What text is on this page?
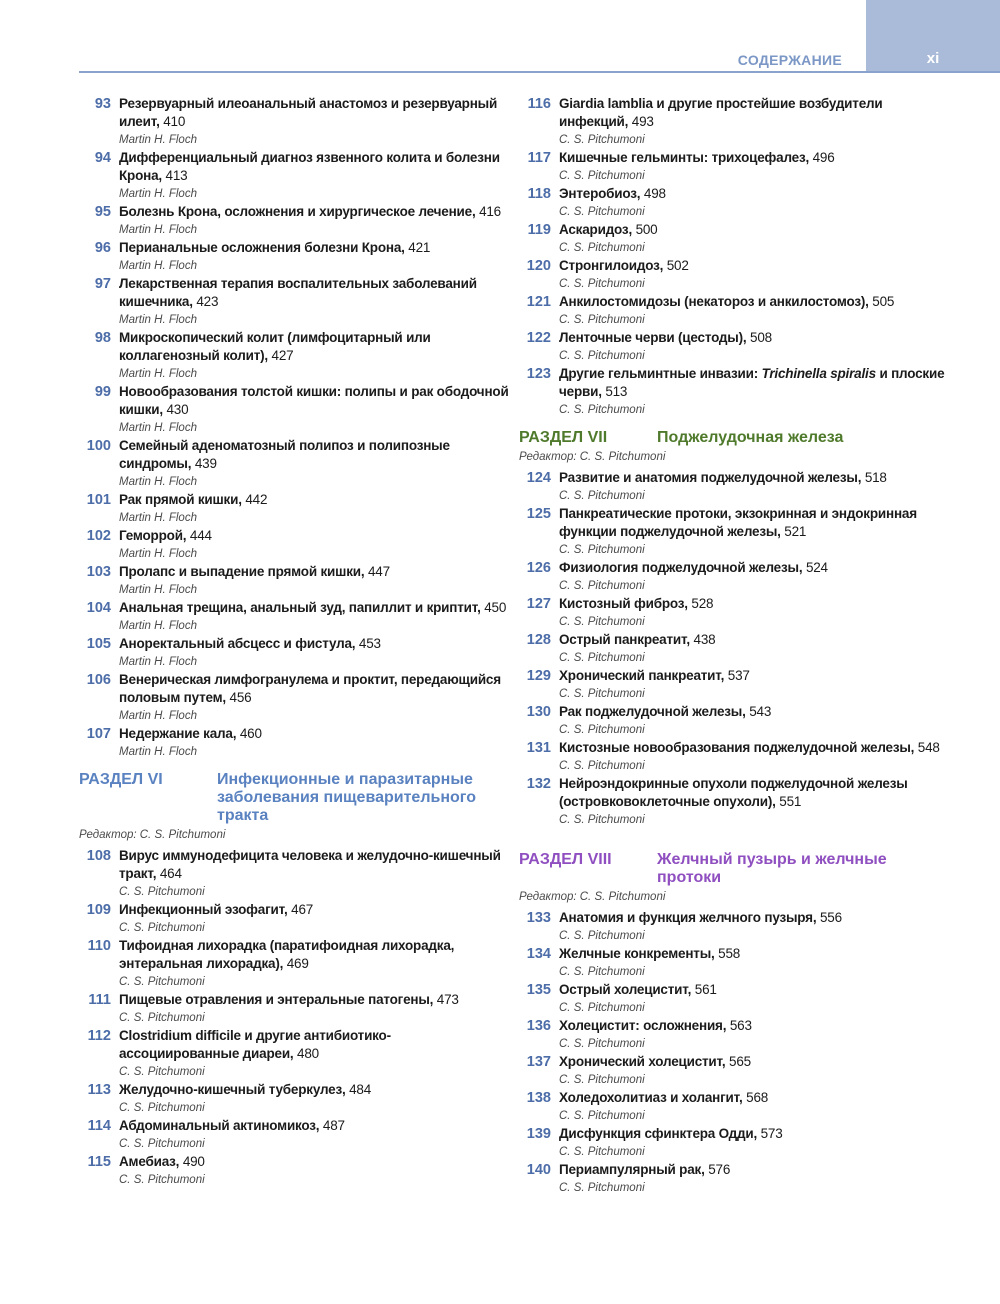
xi
СОДЕРЖАНИЕ
93 Резервуарный илеоанальный анастомоз и резервуарный илеит, 410
Martin H. Floch
94 Дифференциальный диагноз язвенного колита и болезни Крона, 413
Martin H. Floch
95 Болезнь Крона, осложнения и хирургическое лечение, 416
Martin H. Floch
96 Перианальные осложнения болезни Крона, 421
Martin H. Floch
97 Лекарственная терапия воспалительных заболеваний кишечника, 423
Martin H. Floch
98 Микроскопический колит (лимфоцитарный или коллагенозный колит), 427
Martin H. Floch
99 Новообразования толстой кишки: полипы и рак ободочной кишки, 430
Martin H. Floch
100 Семейный аденоматозный полипоз и полипозные синдромы, 439
Martin H. Floch
101 Рак прямой кишки, 442
Martin H. Floch
102 Геморрой, 444
Martin H. Floch
103 Пролапс и выпадение прямой кишки, 447
Martin H. Floch
104 Анальная трещина, анальный зуд, папиллит и криптит, 450
Martin H. Floch
105 Аноректальный абсцесс и фистула, 453
Martin H. Floch
106 Венерическая лимфогранулема и проктит, передающийся половым путем, 456
Martin H. Floch
107 Недержание кала, 460
Martin H. Floch
РАЗДЕЛ VI	Инфекционные и паразитарные заболевания пищеварительного тракта
Редактор: C. S. Pitchumoni
108 Вирус иммунодефицита человека и желудочно-кишечный тракт, 464
C. S. Pitchumoni
109 Инфекционный эзофагит, 467
C. S. Pitchumoni
110 Тифоидная лихорадка (паратифоидная лихорадка, энтеральная лихорадка), 469
C. S. Pitchumoni
111 Пищевые отравления и энтеральные патогены, 473
C. S. Pitchumoni
112 Clostridium difficile и другие антибиотико-ассоциированные диареи, 480
C. S. Pitchumoni
113 Желудочно-кишечный туберкулез, 484
C. S. Pitchumoni
114 Абдоминальный актиномикоз, 487
C. S. Pitchumoni
115 Амебиаз, 490
C. S. Pitchumoni
116 Giardia lamblia и другие простейшие возбудители инфекций, 493
C. S. Pitchumoni
117 Кишечные гельминты: трихоцефалез, 496
C. S. Pitchumoni
118 Энтеробиоз, 498
C. S. Pitchumoni
119 Аскаридоз, 500
C. S. Pitchumoni
120 Стронгилоидоз, 502
C. S. Pitchumoni
121 Анкилостомидозы (некатороз и анкилостомоз), 505
C. S. Pitchumoni
122 Ленточные черви (цестоды), 508
C. S. Pitchumoni
123 Другие гельминтные инвазии: Trichinella spiralis и плоские черви, 513
C. S. Pitchumoni
РАЗДЕЛ VII	Поджелудочная железа
Редактор: C. S. Pitchumoni
124 Развитие и анатомия поджелудочной железы, 518
C. S. Pitchumoni
125 Панкреатические протоки, экзокринная и эндокринная функции поджелудочной железы, 521
C. S. Pitchumoni
126 Физиология поджелудочной железы, 524
C. S. Pitchumoni
127 Кистозный фиброз, 528
C. S. Pitchumoni
128 Острый панкреатит, 438
C. S. Pitchumoni
129 Хронический панкреатит, 537
C. S. Pitchumoni
130 Рак поджелудочной железы, 543
C. S. Pitchumoni
131 Кистозные новообразования поджелудочной железы, 548
C. S. Pitchumoni
132 Нейроэндокринные опухоли поджелудочной железы (островковоклеточные опухоли), 551
C. S. Pitchumoni
РАЗДЕЛ VIII	Желчный пузырь и желчные протоки
Редактор: C. S. Pitchumoni
133 Анатомия и функция желчного пузыря, 556
C. S. Pitchumoni
134 Желчные конкременты, 558
C. S. Pitchumoni
135 Острый холецистит, 561
C. S. Pitchumoni
136 Холецистит: осложнения, 563
C. S. Pitchumoni
137 Хронический холецистит, 565
C. S. Pitchumoni
138 Холедохолитиаз и холангит, 568
C. S. Pitchumoni
139 Дисфункция сфинктера Одди, 573
C. S. Pitchumoni
140 Периампулярный рак, 576
C. S. Pitchumoni
